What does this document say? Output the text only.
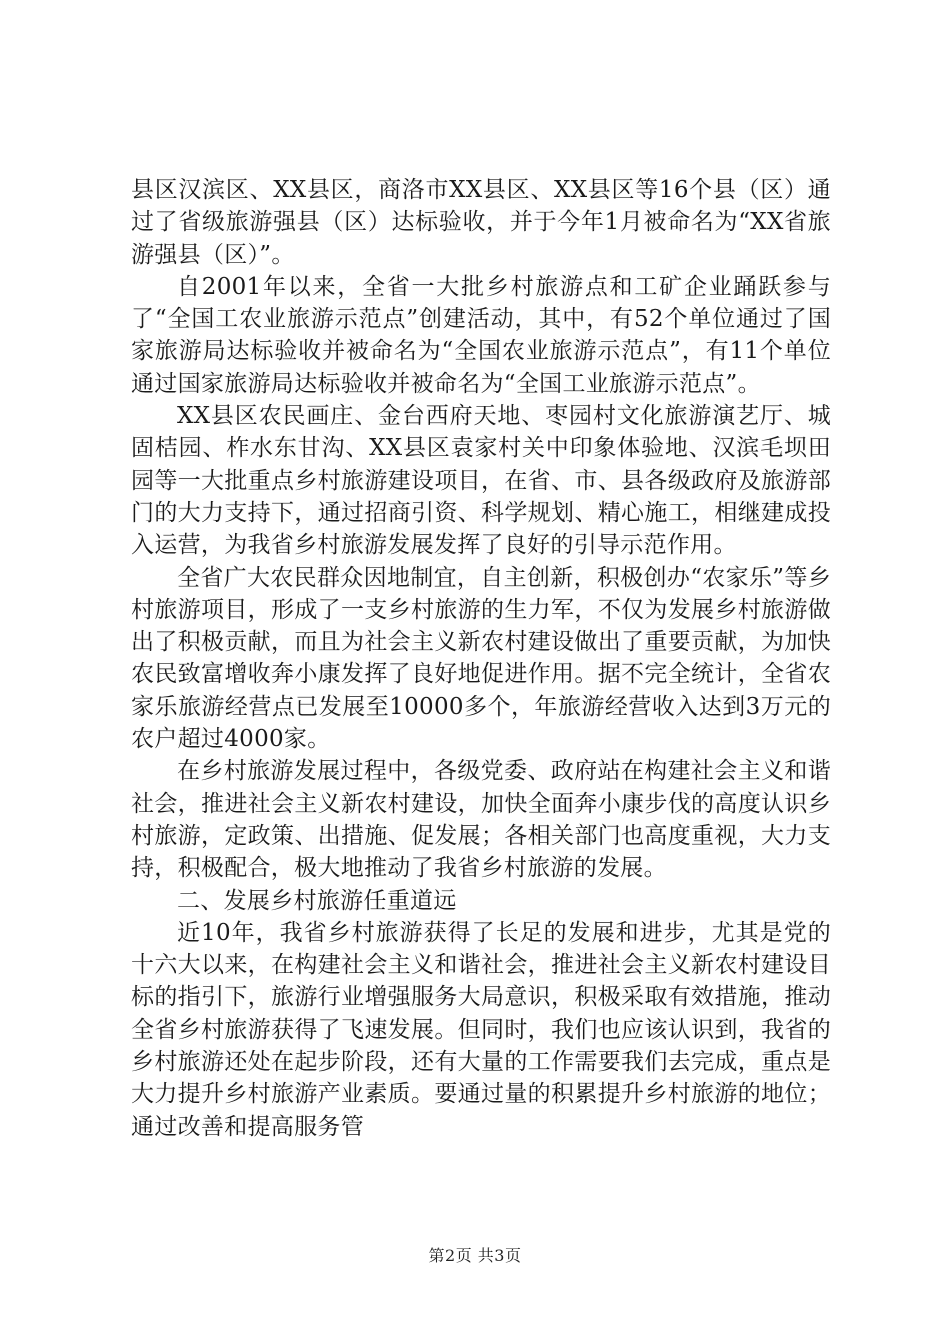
县区汉滨区、XX县区，商洛市XX县区、XX县区等16个县（区）通过了省级旅游强县（区）达标验收，并于今年1月被命名为“XX省旅游强县（区）”。

自2001年以来，全省一大批乡村旅游点和工矿企业踊跃参与了“全国工农业旅游示范点”创建活动，其中，有52个单位通过了国家旅游局达标验收并被命名为“全国农业旅游示范点”，有11个单位通过国家旅游局达标验收并被命名为“全国工业旅游示范点”。

XX县区农民画庄、金台西府天地、枣园村文化旅游演艺厅、城固桔园、柞水东甘沟、XX县区袁家村关中印象体验地、汉滨毛坝田园等一大批重点乡村旅游建设项目，在省、市、县各级政府及旅游部门的大力支持下，通过招商引资、科学规划、精心施工，相继建成投入运营，为我省乡村旅游发展发挥了良好的引导示范作用。

全省广大农民群众因地制宜，自主创新，积极创办“农家乐”等乡村旅游项目，形成了一支乡村旅游的生力军，不仅为发展乡村旅游做出了积极贡献，而且为社会主义新农村建设做出了重要贡献，为加快农民致富增收奔小康发挥了良好地促进作用。据不完全统计，全省农家乐旅游经营点已发展至10000多个，年旅游经营收入达到3万元的农户超过4000家。

在乡村旅游发展过程中，各级党委、政府站在构建社会主义和谐社会，推进社会主义新农村建设，加快全面奔小康步伐的高度认识乡村旅游，定政策、出措施、促发展；各相关部门也高度重视，大力支持，积极配合，极大地推动了我省乡村旅游的发展。

二、发展乡村旅游任重道远

近10年，我省乡村旅游获得了长足的发展和进步，尤其是党的十六大以来，在构建社会主义和谐社会，推进社会主义新农村建设目标的指引下，旅游行业增强服务大局意识，积极采取有效措施，推动全省乡村旅游获得了飞速发展。但同时，我们也应该认识到，我省的乡村旅游还处在起步阶段，还有大量的工作需要我们去完成，重点是大力提升乡村旅游产业素质。要通过量的积累提升乡村旅游的地位；通过改善和提高服务管

第2页 共3页
